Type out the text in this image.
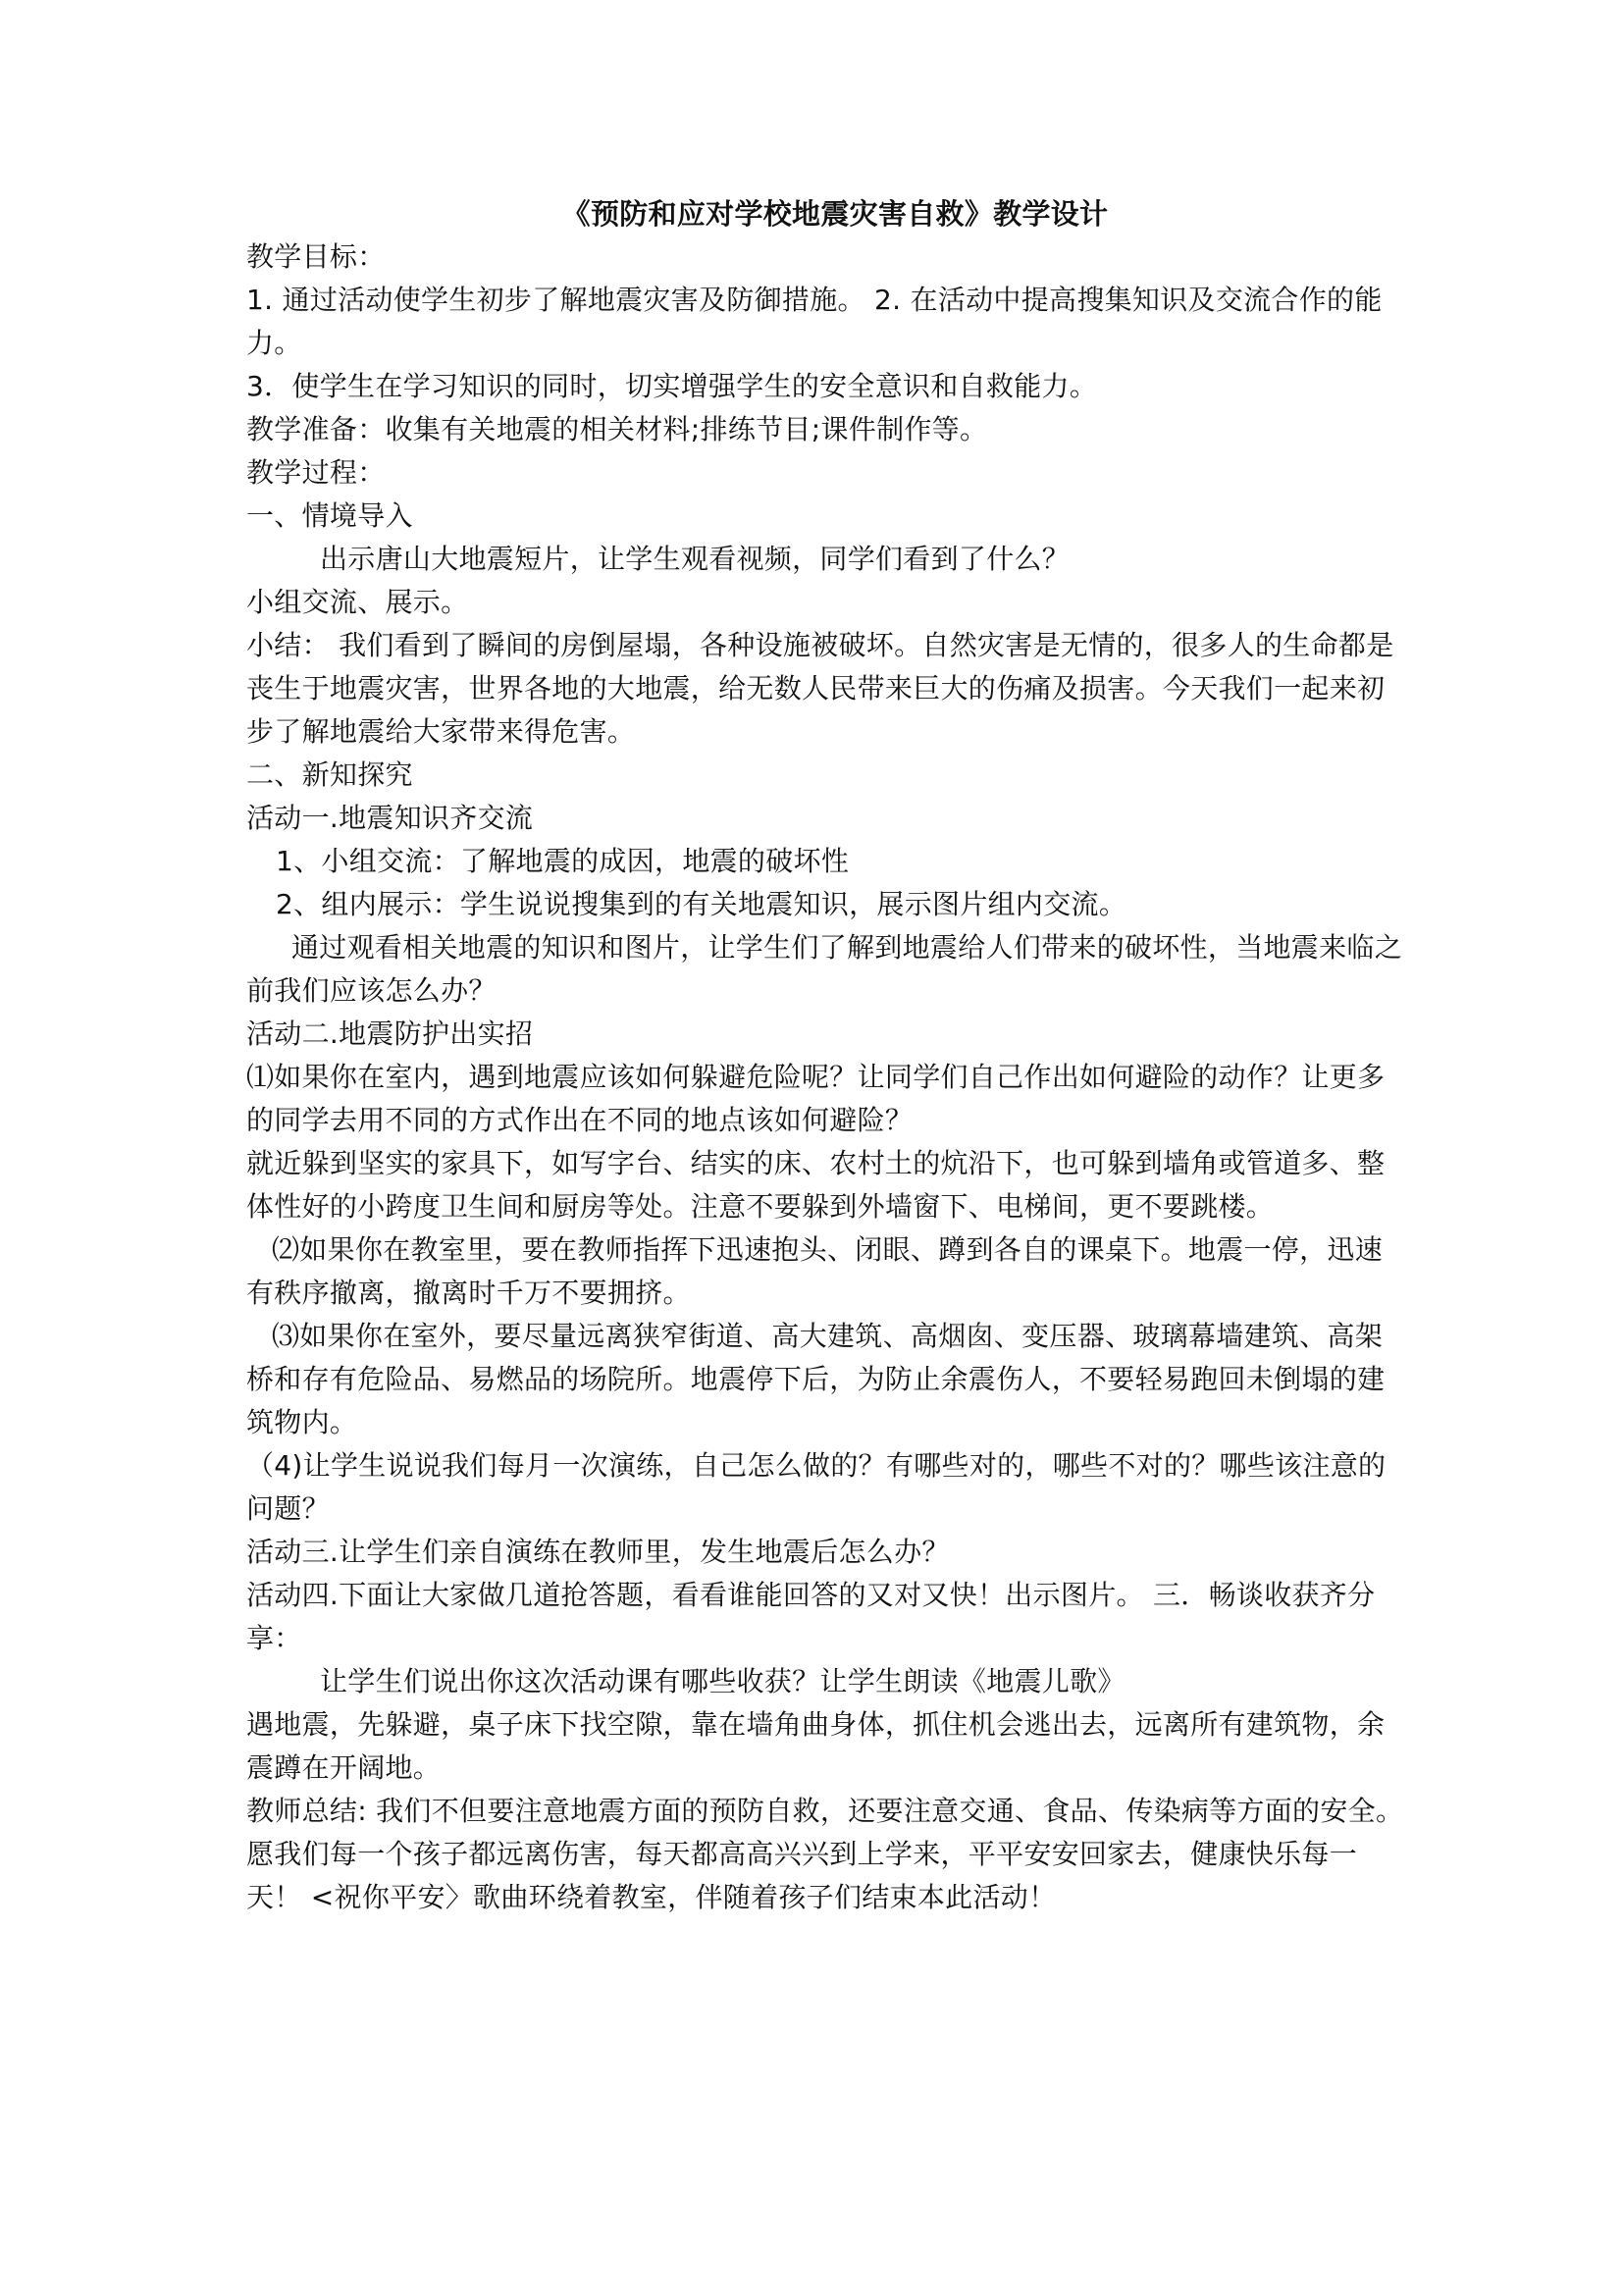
《预防和应对学校地震灾害自救》教学设计

教学目标：

1. 通过活动使学生初步了解地震灾害及防御措施。 2. 在活动中提高搜集知识及交流合作的能力。

3．使学生在学习知识的同时，切实增强学生的安全意识和自救能力。

教学准备：收集有关地震的相关材料;排练节目;课件制作等。

教学过程：

一、情境导入

出示唐山大地震短片，让学生观看视频，同学们看到了什么？

小组交流、展示。

小结： 我们看到了瞬间的房倒屋塌，各种设施被破坏。自然灾害是无情的，很多人的生命都是丧生于地震灾害，世界各地的大地震，给无数人民带来巨大的伤痛及损害。今天我们一起来初步了解地震给大家带来得危害。

二、新知探究

活动一.地震知识齐交流

1、小组交流：了解地震的成因，地震的破坏性

2、组内展示：学生说说搜集到的有关地震知识，展示图片组内交流。

通过观看相关地震的知识和图片，让学生们了解到地震给人们带来的破坏性，当地震来临之前我们应该怎么办？

活动二.地震防护出实招

⑴如果你在室内，遇到地震应该如何躲避危险呢？让同学们自己作出如何避险的动作？让更多的同学去用不同的方式作出在不同的地点该如何避险？

就近躲到坚实的家具下，如写字台、结实的床、农村土的炕沿下，也可躲到墙角或管道多、整体性好的小跨度卫生间和厨房等处。注意不要躲到外墙窗下、电梯间，更不要跳楼。

⑵如果你在教室里，要在教师指挥下迅速抱头、闭眼、蹲到各自的课桌下。地震一停，迅速有秩序撤离，撤离时千万不要拥挤。

⑶如果你在室外，要尽量远离狭窄街道、高大建筑、高烟囱、变压器、玻璃幕墙建筑、高架桥和存有危险品、易燃品的场院所。地震停下后，为防止余震伤人，不要轻易跑回未倒塌的建筑物内。

（4)让学生说说我们每月一次演练，自己怎么做的？有哪些对的，哪些不对的？哪些该注意的问题？

活动三.让学生们亲自演练在教师里，发生地震后怎么办？

活动四.下面让大家做几道抢答题，看看谁能回答的又对又快！出示图片。 三．畅谈收获齐分享：

让学生们说出你这次活动课有哪些收获？让学生朗读《地震儿歌》

遇地震，先躲避，桌子床下找空隙，靠在墙角曲身体，抓住机会逃出去，远离所有建筑物，余震蹲在开阔地。

教师总结: 我们不但要注意地震方面的预防自救，还要注意交通、食品、传染病等方面的安全。愿我们每一个孩子都远离伤害，每天都高高兴兴到上学来，平平安安回家去，健康快乐每一天！ <祝你平安〉歌曲环绕着教室，伴随着孩子们结束本此活动！
